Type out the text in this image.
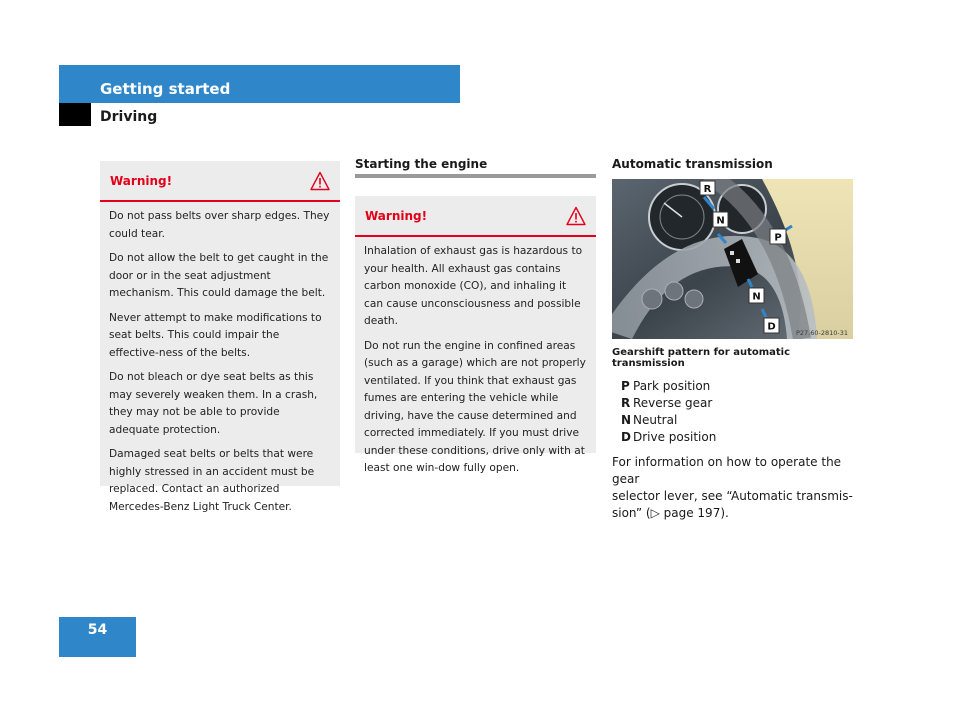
Getting started
Driving
Warning!

Do not pass belts over sharp edges. They could tear.

Do not allow the belt to get caught in the door or in the seat adjustment mechanism. This could damage the belt.

Never attempt to make modifications to seat belts. This could impair the effective-ness of the belts.

Do not bleach or dye seat belts as this may severely weaken them. In a crash, they may not be able to provide adequate protection.

Damaged seat belts or belts that were highly stressed in an accident must be replaced. Contact an authorized Mercedes-Benz Light Truck Center.

Starting the engine
Warning!

Inhalation of exhaust gas is hazardous to your health. All exhaust gas contains carbon monoxide (CO), and inhaling it can cause unconsciousness and possible death.

Do not run the engine in confined areas (such as a garage) which are not properly ventilated. If you think that exhaust gas fumes are entering the vehicle while driving, have the cause determined and corrected immediately. If you must drive under these conditions, drive only with at least one win-dow fully open.

Automatic transmission
R
N
P
N
D
P27.60-2810-31
Gearshift pattern for automatic transmission
P Park position
R Reverse gear
N Neutral
D Drive position
For information on how to operate the gear
selector lever, see “Automatic transmis-
sion” (▷ page 197).
54
